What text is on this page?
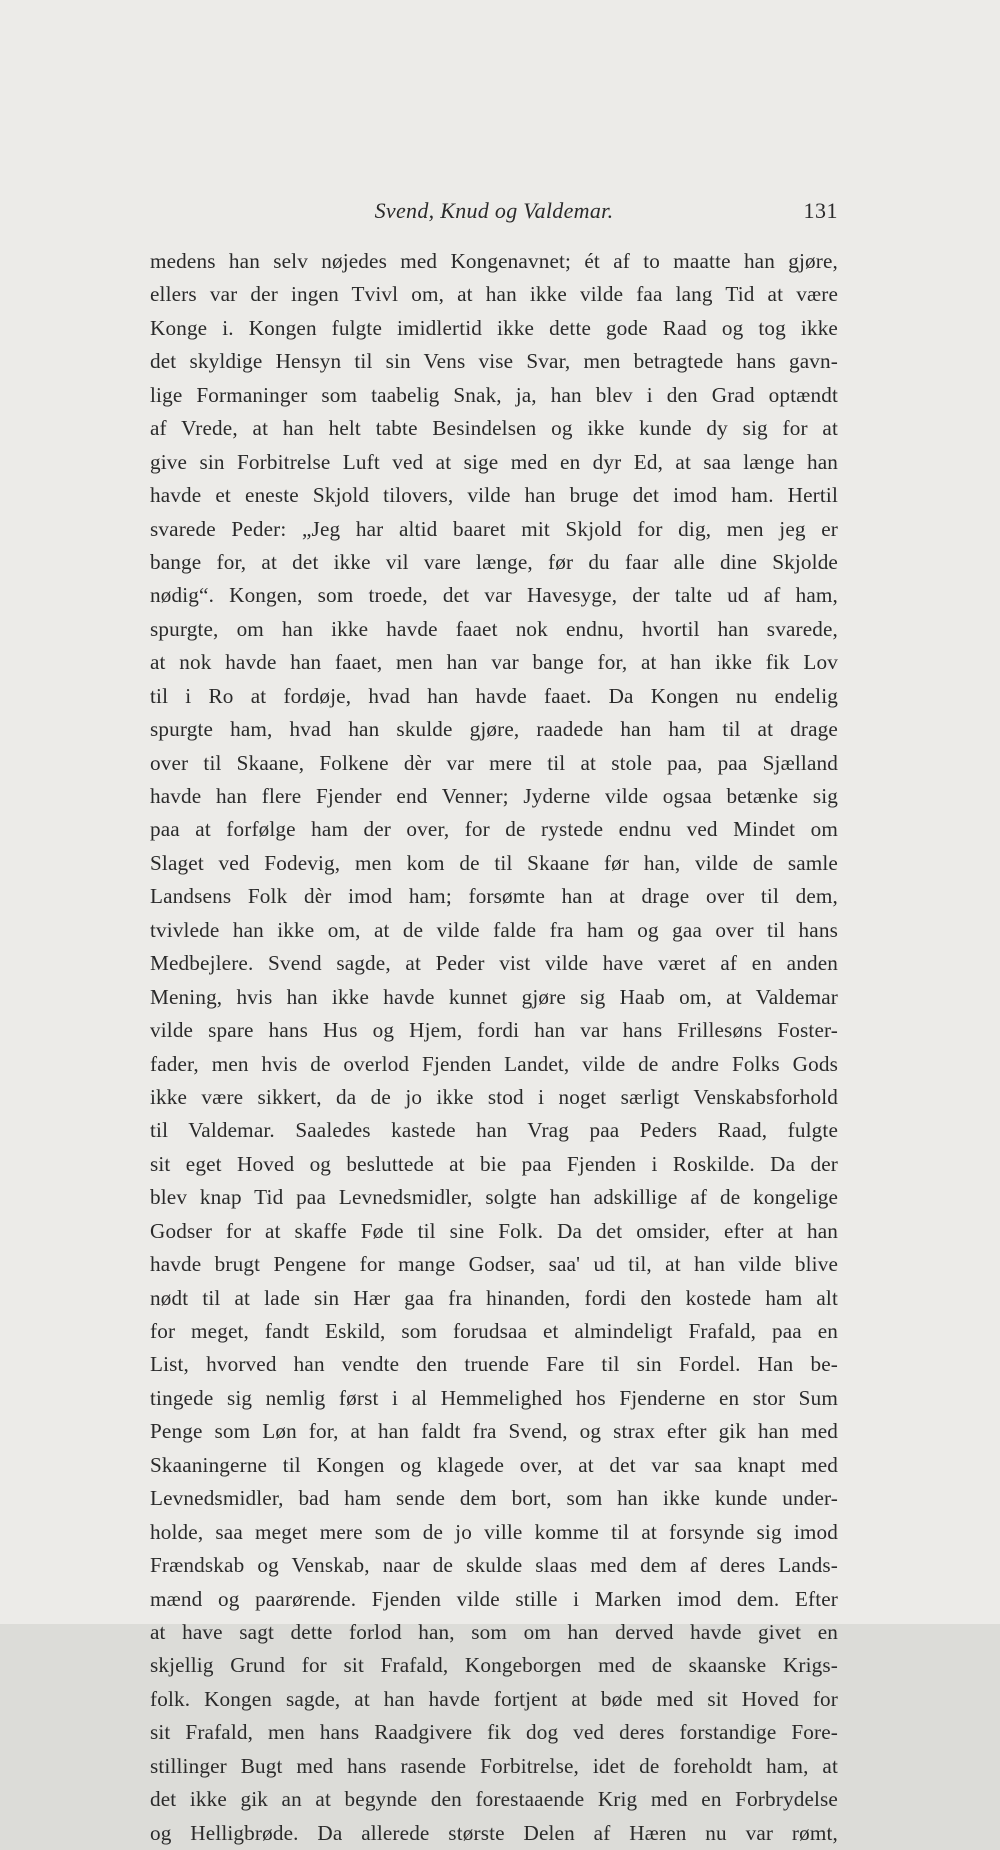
Svend, Knud og Valdemar.	131
medens han selv nøjedes med Kongenavnet; ét af to maatte han gjøre,
ellers var der ingen Tvivl om, at han ikke vilde faa lang Tid at være
Konge i. Kongen fulgte imidlertid ikke dette gode Raad og tog ikke
det skyldige Hensyn til sin Vens vise Svar, men betragtede hans gavn-
lige Formaninger som taabelig Snak, ja, han blev i den Grad optændt
af Vrede, at han helt tabte Besindelsen og ikke kunde dy sig for at
give sin Forbitrelse Luft ved at sige med en dyr Ed, at saa længe han
havde et eneste Skjold tilovers, vilde han bruge det imod ham. Hertil
svarede Peder: „Jeg har altid baaret mit Skjold for dig, men jeg er
bange for, at det ikke vil vare længe, før du faar alle dine Skjolde
nødig“. Kongen, som troede, det var Havesyge, der talte ud af ham,
spurgte, om han ikke havde faaet nok endnu, hvortil han svarede,
at nok havde han faaet, men han var bange for, at han ikke fik Lov
til i Ro at fordøje, hvad han havde faaet. Da Kongen nu endelig
spurgte ham, hvad han skulde gjøre, raadede han ham til at drage
over til Skaane, Folkene dèr var mere til at stole paa, paa Sjælland
havde han flere Fjender end Venner; Jyderne vilde ogsaa betænke sig
paa at forfølge ham der over, for de rystede endnu ved Mindet om
Slaget ved Fodevig, men kom de til Skaane før han, vilde de samle
Landsens Folk dèr imod ham; forsømte han at drage over til dem,
tvivlede han ikke om, at de vilde falde fra ham og gaa over til hans
Medbejlere. Svend sagde, at Peder vist vilde have været af en anden
Mening, hvis han ikke havde kunnet gjøre sig Haab om, at Valdemar
vilde spare hans Hus og Hjem, fordi han var hans Frillesøns Foster-
fader, men hvis de overlod Fjenden Landet, vilde de andre Folks Gods
ikke være sikkert, da de jo ikke stod i noget særligt Venskabsforhold
til Valdemar. Saaledes kastede han Vrag paa Peders Raad, fulgte
sit eget Hoved og besluttede at bie paa Fjenden i Roskilde. Da der
blev knap Tid paa Levnedsmidler, solgte han adskillige af de kongelige
Godser for at skaffe Føde til sine Folk. Da det omsider, efter at han
havde brugt Pengene for mange Godser, saa' ud til, at han vilde blive
nødt til at lade sin Hær gaa fra hinanden, fordi den kostede ham alt
for meget, fandt Eskild, som forudsaa et almindeligt Frafald, paa en
List, hvorved han vendte den truende Fare til sin Fordel. Han be-
tingede sig nemlig først i al Hemmelighed hos Fjenderne en stor Sum
Penge som Løn for, at han faldt fra Svend, og strax efter gik han med
Skaaningerne til Kongen og klagede over, at det var saa knapt med
Levnedsmidler, bad ham sende dem bort, som han ikke kunde under-
holde, saa meget mere som de jo ville komme til at forsynde sig imod
Frændskab og Venskab, naar de skulde slaas med dem af deres Lands-
mænd og paarørende. Fjenden vilde stille i Marken imod dem. Efter
at have sagt dette forlod han, som om han derved havde givet en
skjellig Grund for sit Frafald, Kongeborgen med de skaanske Krigs-
folk. Kongen sagde, at han havde fortjent at bøde med sit Hoved for
sit Frafald, men hans Raadgivere fik dog ved deres forstandige Fore-
stillinger Bugt med hans rasende Forbitrelse, idet de foreholdt ham, at
det ikke gik an at begynde den forestaaende Krig med en Forbrydelse
og Helligbrøde. Da allerede største Delen af Hæren nu var rømt,
